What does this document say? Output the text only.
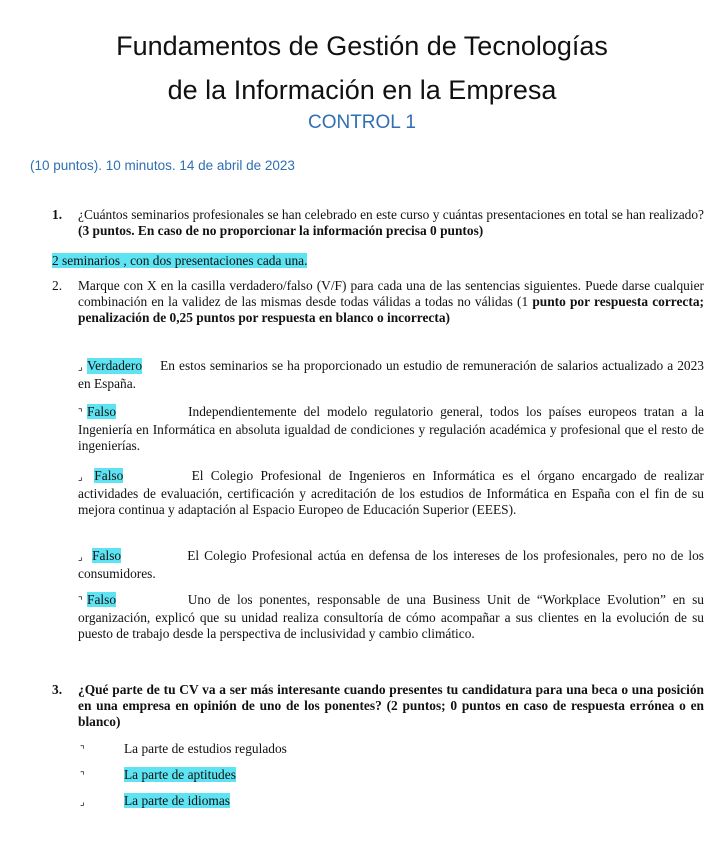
Fundamentos de Gestión de Tecnologías
de la Información en la Empresa
CONTROL 1
(10 puntos). 10 minutos. 14 de abril de 2023
1. ¿Cuántos seminarios profesionales se han celebrado en este curso y cuántas presentaciones en total se han realizado? (3 puntos. En caso de no proporcionar la información precisa 0 puntos)
2 seminarios , con dos presentaciones cada una.
2. Marque con X en la casilla verdadero/falso (V/F) para cada una de las sentencias siguientes. Puede darse cualquier combinación en la validez de las mismas desde todas válidas a todas no válidas (1 punto por respuesta correcta; penalización de 0,25 puntos por respuesta en blanco o incorrecta)
⌟ Verdadero En estos seminarios se ha proporcionado un estudio de remuneración de salarios actualizado a 2023 en España.
⌝ Falso	Independientemente del modelo regulatorio general, todos los países europeos tratan a la Ingeniería en Informática en absoluta igualdad de condiciones y regulación académica y profesional que el resto de ingenierías.
⌟ Falso	El Colegio Profesional de Ingenieros en Informática es el órgano encargado de realizar actividades de evaluación, certificación y acreditación de los estudios de Informática en España con el fin de su mejora continua y adaptación al Espacio Europeo de Educación Superior (EEES).
⌟ Falso	El Colegio Profesional actúa en defensa de los intereses de los profesionales, pero no de los consumidores.
⌝ Falso	Uno de los ponentes, responsable de una Business Unit de “Workplace Evolution” en su organización, explicó que su unidad realiza consultoría de cómo acompañar a sus clientes en la evolución de su puesto de trabajo desde la perspectiva de inclusividad y cambio climático.
3. ¿Qué parte de tu CV va a ser más interesante cuando presentes tu candidatura para una beca o una posición en una empresa en opinión de uno de los ponentes? (2 puntos; 0 puntos en caso de respuesta errónea o en blanco)
⌝	La parte de estudios regulados
⌝	La parte de aptitudes
⌟	La parte de idiomas
